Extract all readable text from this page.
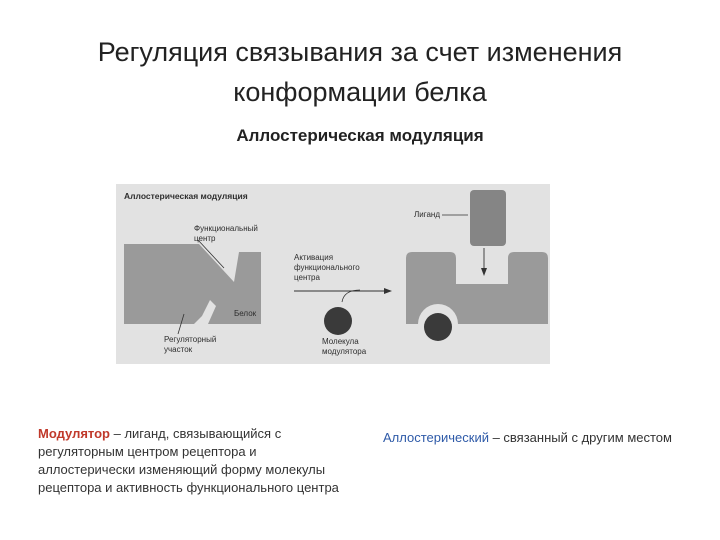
Регуляция связывания за счет изменения
конформации белка
Аллостерическая модуляция
Аллостерическая модуляция
Функциональный центр
Белок
Регуляторный участок
Активация функционального центра
Молекула модулятора
Лиганд
Модулятор – лиганд, связывающийся с регуляторным центром рецептора и аллостерически изменяющий форму молекулы рецептора и активность функционального центра
Аллостерический – связанный с другим местом
